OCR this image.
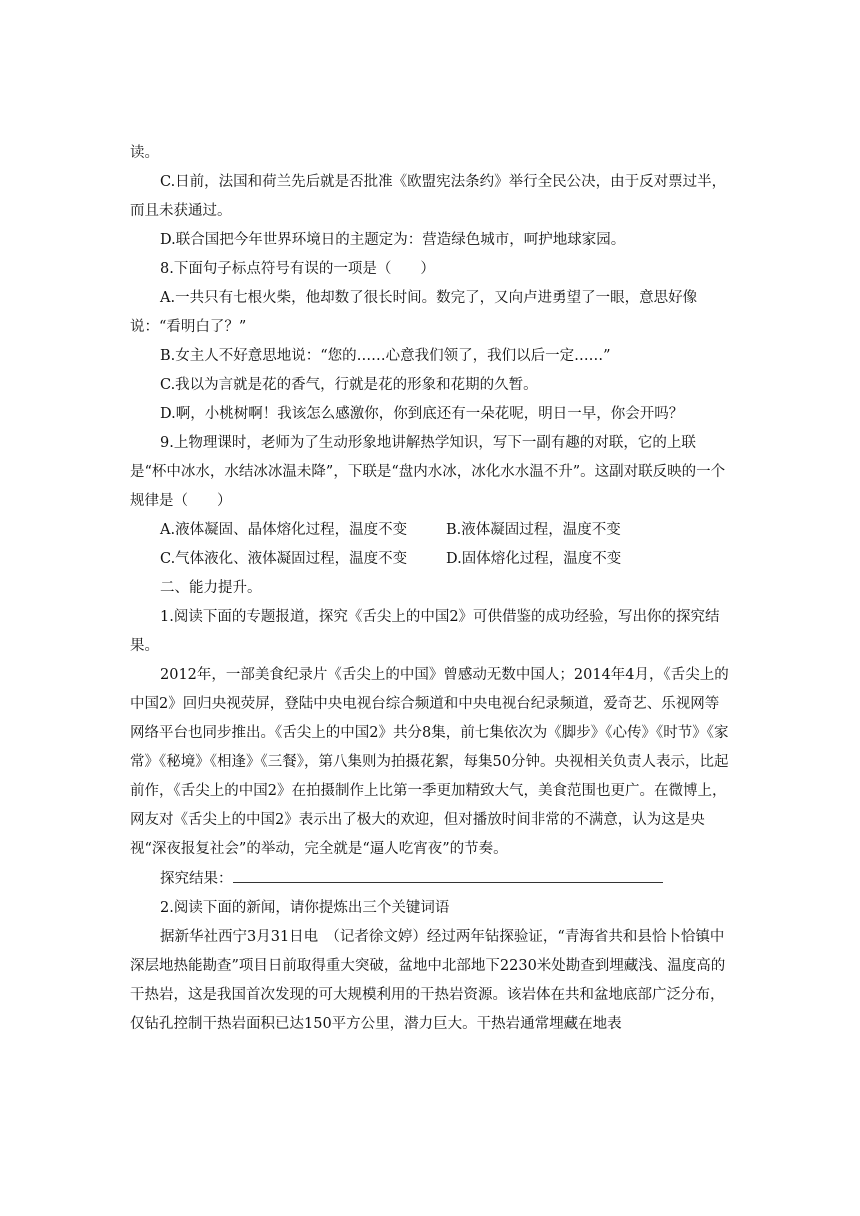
读。

C.日前，法国和荷兰先后就是否批准《欧盟宪法条约》举行全民公决，由于反对票过半，而且未获通过。

D.联合国把今年世界环境日的主题定为：营造绿色城市，呵护地球家园。

8.下面句子标点符号有误的一项是（　　）

A.一共只有七根火柴，他却数了很长时间。数完了，又向卢进勇望了一眼，意思好像说：“看明白了？”

B.女主人不好意思地说：“您的……心意我们领了，我们以后一定……”

C.我以为言就是花的香气，行就是花的形象和花期的久暂。

D.啊，小桃树啊！我该怎么感激你，你到底还有一朵花呢，明日一早，你会开吗？

9.上物理课时，老师为了生动形象地讲解热学知识，写下一副有趣的对联，它的上联是“杯中冰水，水结冰冰温未降”，下联是“盘内水冰，冰化水水温不升”。这副对联反映的一个规律是（　　）

A.液体凝固、晶体熔化过程，温度不变	B.液体凝固过程，温度不变
C.气体液化、液体凝固过程，温度不变	D.固体熔化过程，温度不变

二、能力提升。

1.阅读下面的专题报道，探究《舌尖上的中国2》可供借鉴的成功经验，写出你的探究结果。

2012年，一部美食纪录片《舌尖上的中国》曾感动无数中国人；2014年4月，《舌尖上的中国2》回归央视荧屏，登陆中央电视台综合频道和中央电视台纪录频道，爱奇艺、乐视网等网络平台也同步推出。《舌尖上的中国2》共分8集，前七集依次为《脚步》《心传》《时节》《家常》《秘境》《相逢》《三餐》，第八集则为拍摄花絮，每集50分钟。央视相关负责人表示，比起前作，《舌尖上的中国2》在拍摄制作上比第一季更加精致大气，美食范围也更广。在微博上，网友对《舌尖上的中国2》表示出了极大的欢迎，但对播放时间非常的不满意，认为这是央视“深夜报复社会”的举动，完全就是“逼人吃宵夜”的节奏。

探究结果：

2.阅读下面的新闻，请你提炼出三个关键词语

据新华社西宁3月31日电　（记者徐文婷）经过两年钻探验证，“青海省共和县恰卜恰镇中深层地热能勘查”项目日前取得重大突破，盆地中北部地下2230米处勘查到埋藏浅、温度高的干热岩，这是我国首次发现的可大规模利用的干热岩资源。该岩体在共和盆地底部广泛分布，仅钻孔控制干热岩面积已达150平方公里，潜力巨大。干热岩通常埋藏在地表
